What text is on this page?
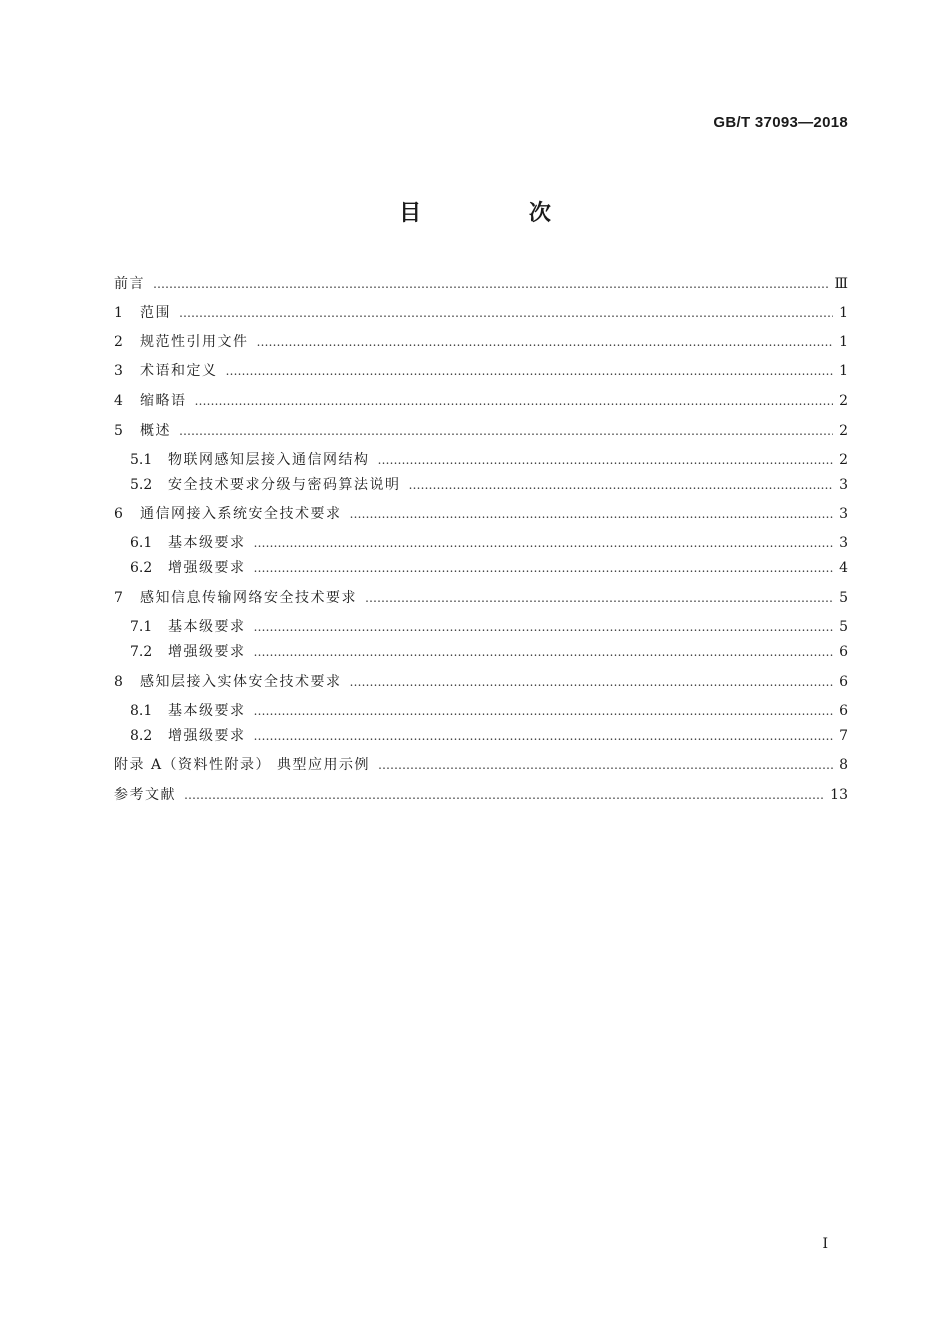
GB/T 37093—2018
目 次
前言 …………………………………………………………………………………………………………………………………………………………………………………………………………………………………………………………	Ⅲ
1	范围 …………………………………………………………………………………………………………………………………………………………………………………………………………………………………………………………	1
2	规范性引用文件 …………………………………………………………………………………………………………………………………………………………………………………………………………………………………………………………	1
3	术语和定义 …………………………………………………………………………………………………………………………………………………………………………………………………………………………………………………………	1
4	缩略语 …………………………………………………………………………………………………………………………………………………………………………………………………………………………………………………………	2
5	概述 …………………………………………………………………………………………………………………………………………………………………………………………………………………………………………………………	2
5.1	物联网感知层接入通信网结构 …………………………………………………………………………………………………………………………………………………………………………………………………………………………………………………………	2
5.2	安全技术要求分级与密码算法说明 …………………………………………………………………………………………………………………………………………………………………………………………………………………………………………………………	3
6	通信网接入系统安全技术要求 …………………………………………………………………………………………………………………………………………………………………………………………………………………………………………………………	3
6.1	基本级要求 …………………………………………………………………………………………………………………………………………………………………………………………………………………………………………………………	3
6.2	增强级要求 …………………………………………………………………………………………………………………………………………………………………………………………………………………………………………………………	4
7	感知信息传输网络安全技术要求 …………………………………………………………………………………………………………………………………………………………………………………………………………………………………………………………	5
7.1	基本级要求 …………………………………………………………………………………………………………………………………………………………………………………………………………………………………………………………	5
7.2	增强级要求 …………………………………………………………………………………………………………………………………………………………………………………………………………………………………………………………	6
8	感知层接入实体安全技术要求 …………………………………………………………………………………………………………………………………………………………………………………………………………………………………………………………	6
8.1	基本级要求 …………………………………………………………………………………………………………………………………………………………………………………………………………………………………………………………	6
8.2	增强级要求 …………………………………………………………………………………………………………………………………………………………………………………………………………………………………………………………	7
附录 A（资料性附录） 典型应用示例 …………………………………………………………………………………………………………………………………………………………………………………………………………………………………………………………	8
参考文献 …………………………………………………………………………………………………………………………………………………………………………………………………………………………………………………………	13
Ⅰ
